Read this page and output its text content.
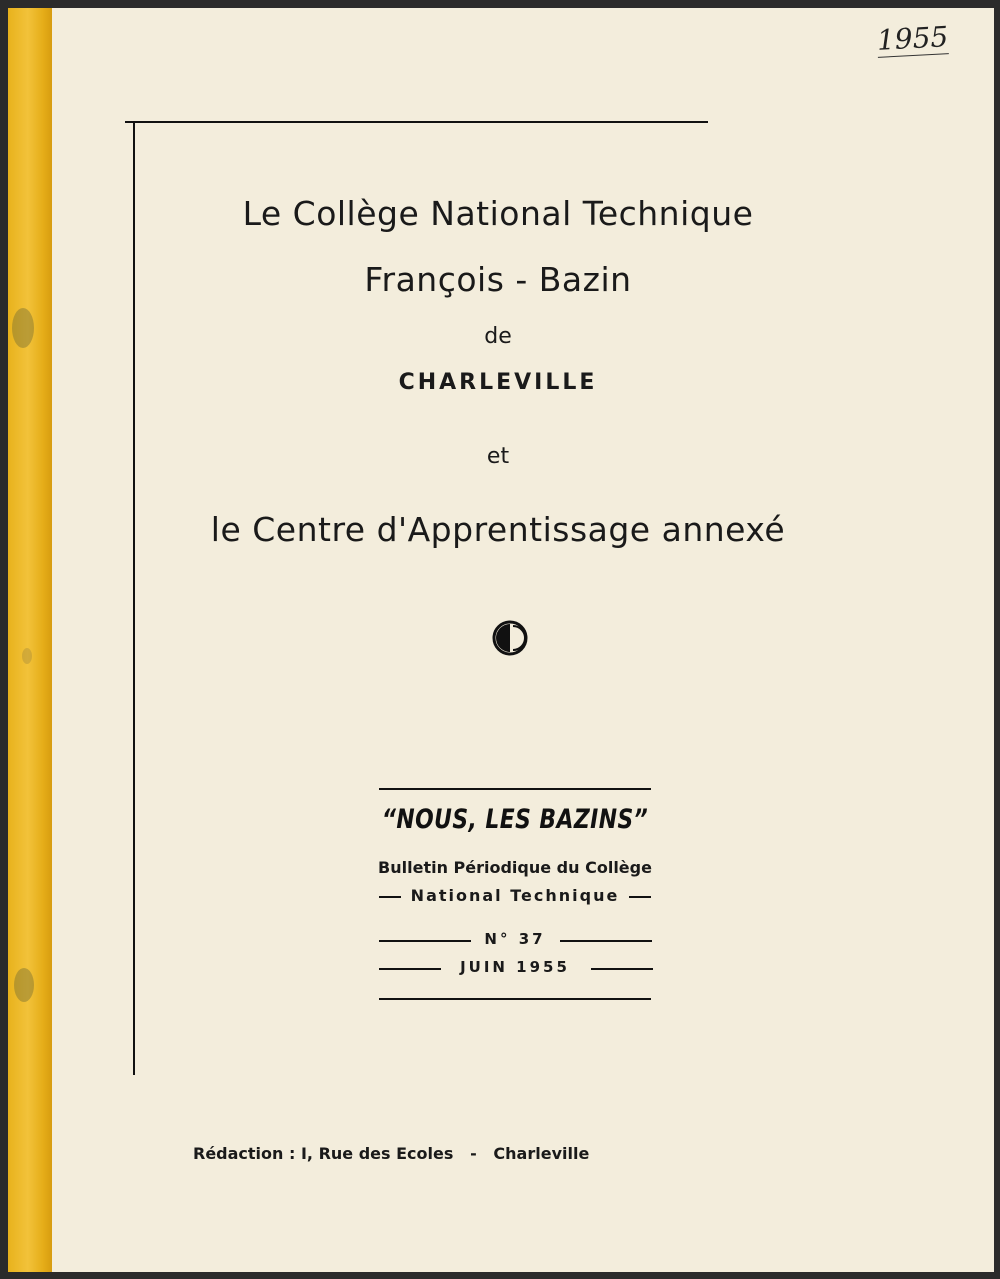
1955
Le Collège National Technique
François - Bazin

de

CHARLEVILLE

et

le Centre d'Apprentissage annexé

“NOUS, LES BAZINS”

Bulletin Périodique du Collège

National Technique

N° 37

JUIN 1955

Rédaction : I, Rue des Ecoles   -   Charleville
